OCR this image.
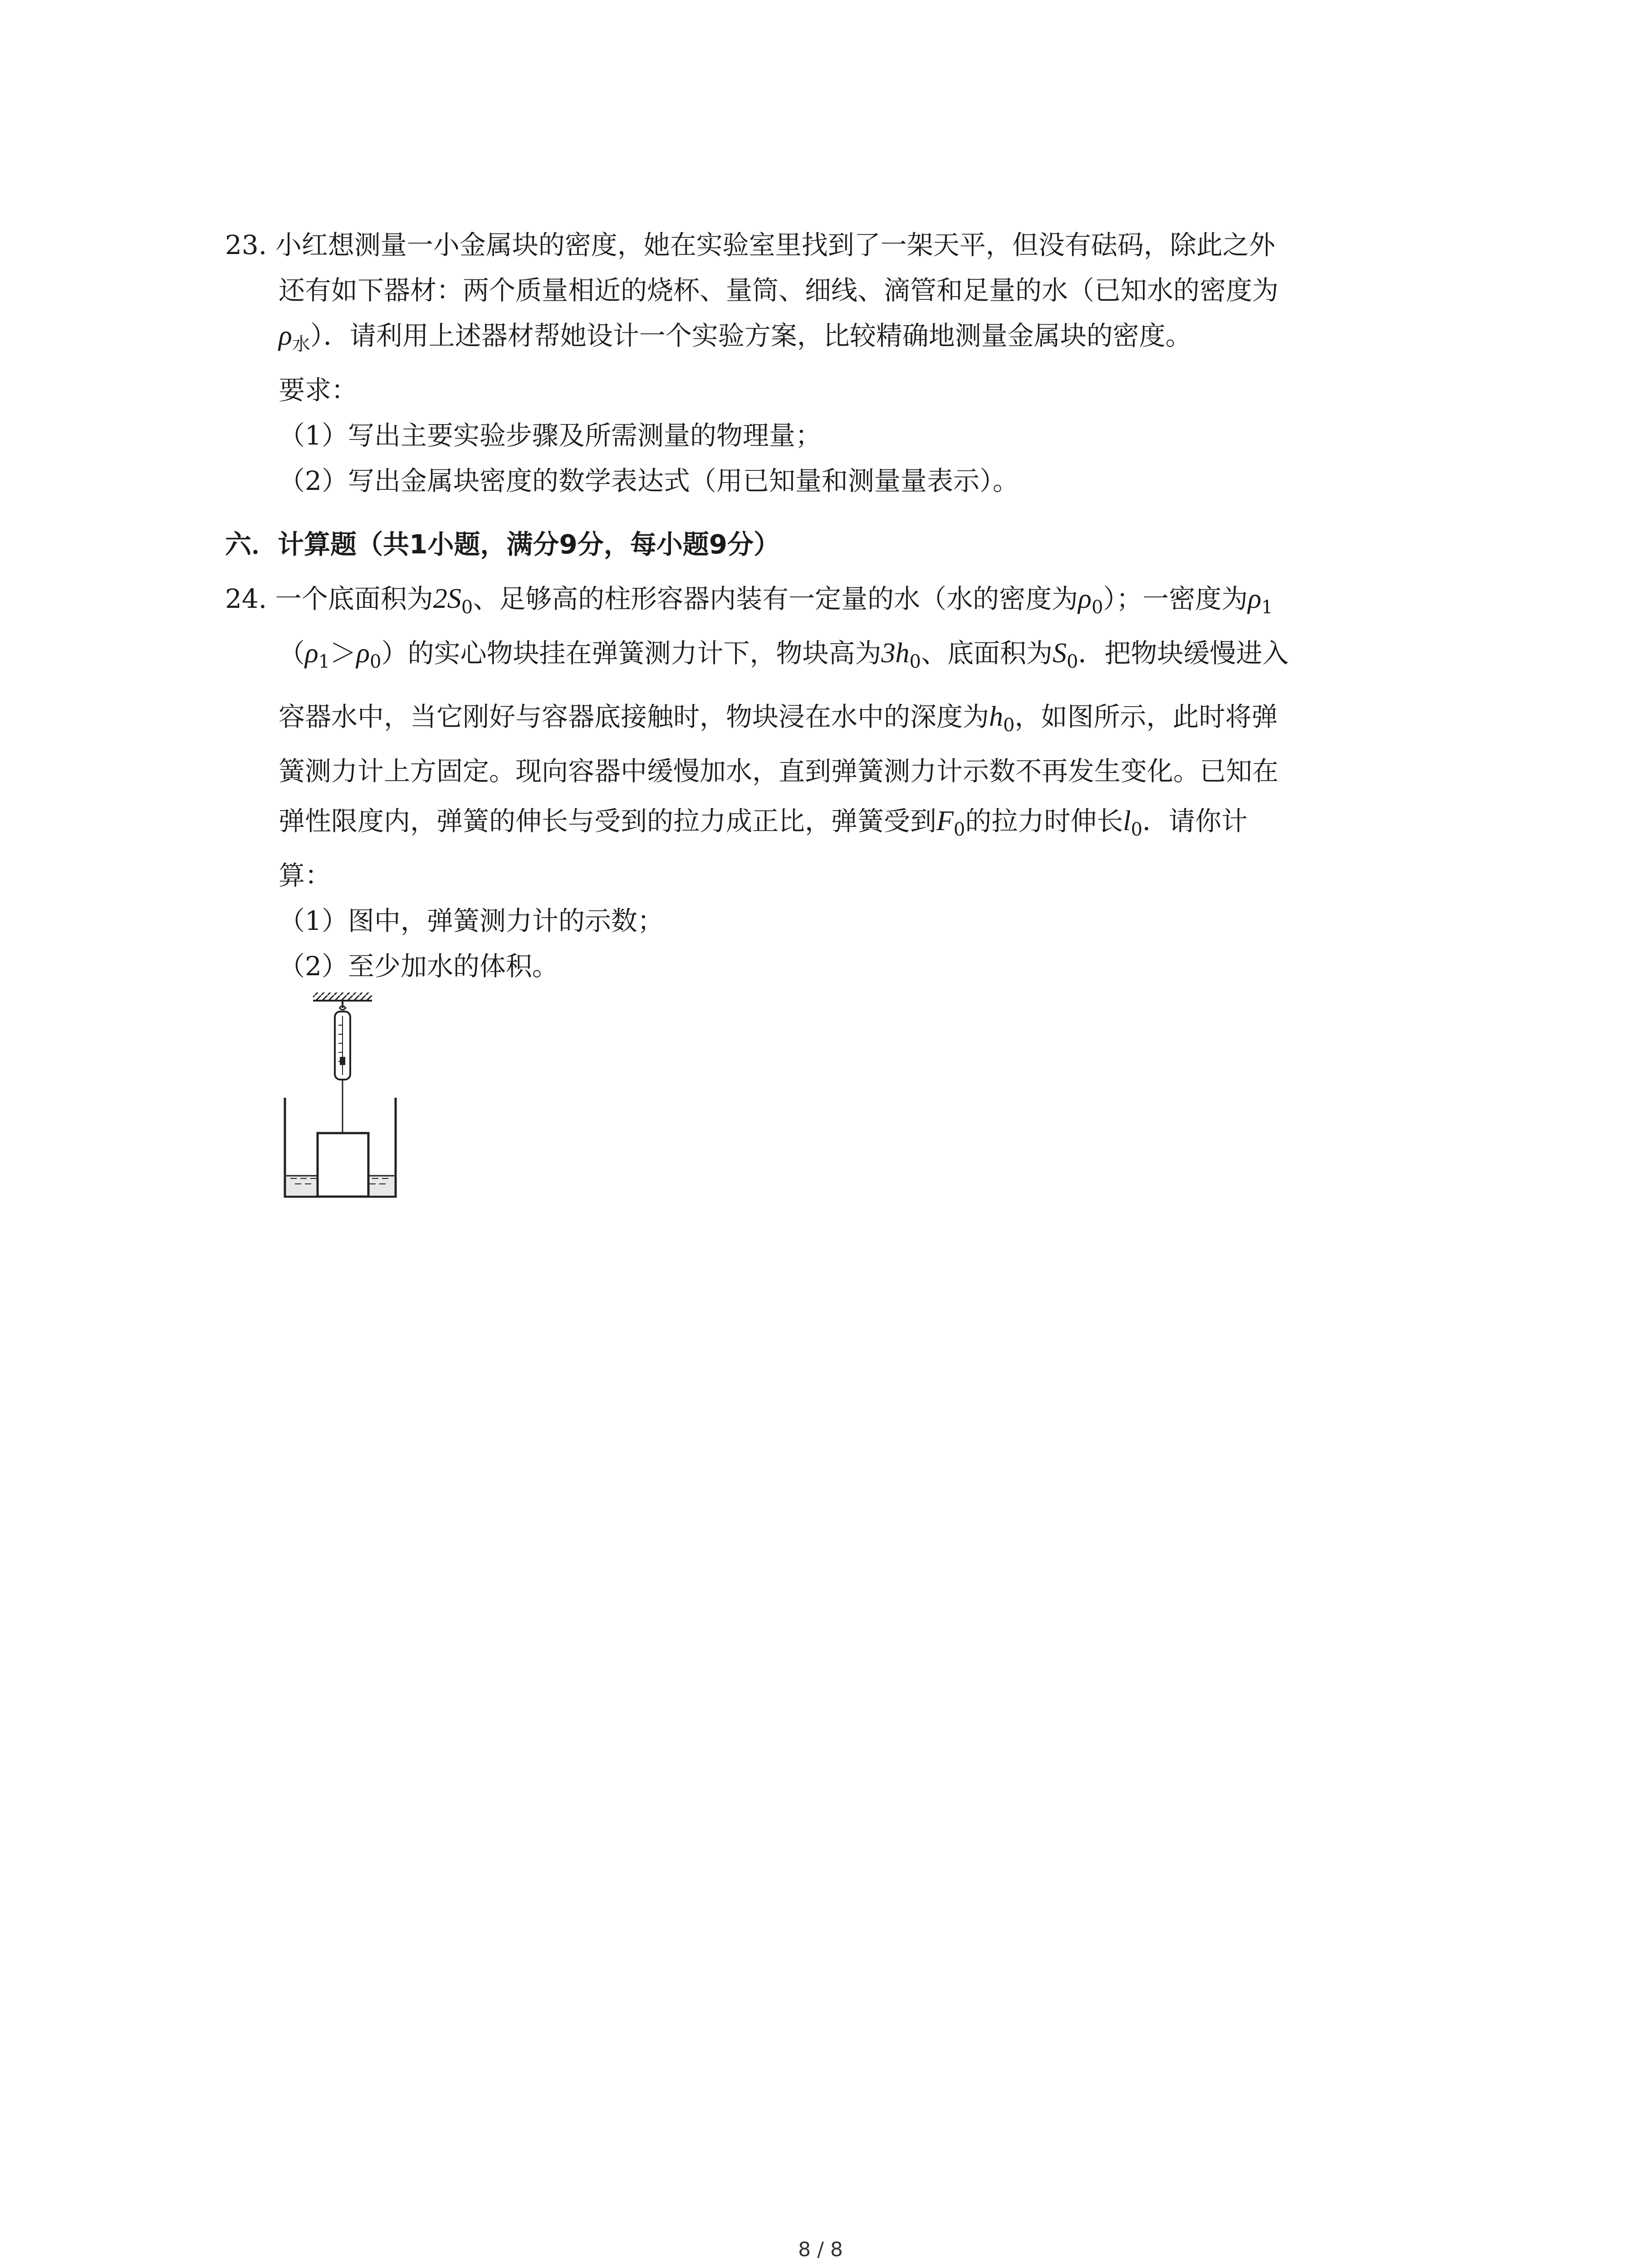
23. 小红想测量一小金属块的密度，她在实验室里找到了一架天平，但没有砝码，除此之外
还有如下器材：两个质量相近的烧杯、量筒、细线、滴管和足量的水（已知水的密度为
$\rho_水$）．请利用上述器材帮她设计一个实验方案，比较精确地测量金属块的密度。
要求：
（1）写出主要实验步骤及所需测量的物理量；
（2）写出金属块密度的数学表达式（用已知量和测量量表示）。
六．计算题（共1小题，满分9分，每小题9分）
24. 一个底面积为$2S_0$、足够高的柱形容器内装有一定量的水（水的密度为$\rho_0$）；一密度为$\rho_1$
$(\rho_1>\rho_0)$的实心物块挂在弹簧测力计下，物块高为$3h_0$、底面积为$S_0$．把物块缓慢进入
容器水中，当它刚好与容器底接触时，物块浸在水中的深度为$h_0$，如图所示，此时将弹
簧测力计上方固定。现向容器中缓慢加水，直到弹簧测力计示数不再发生变化。已知在
弹性限度内，弹簧的伸长与受到的拉力成正比，弹簧受到$F_0$的拉力时伸长$l_0$．请你计
算：
（1）图中，弹簧测力计的示数；
（2）至少加水的体积。
8 / 8
